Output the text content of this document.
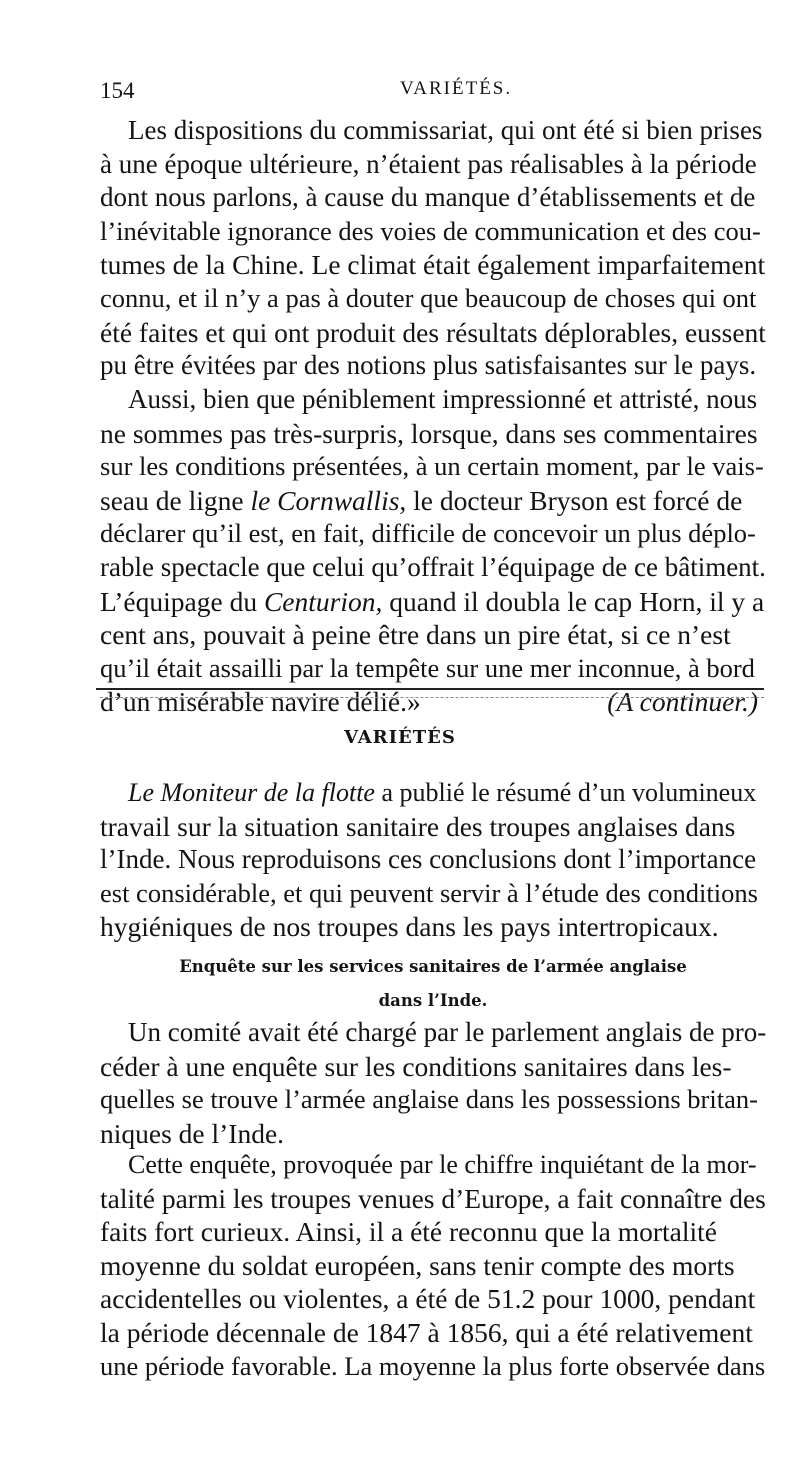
154	VARIÉTÉS.
Les dispositions du commissariat, qui ont été si bien prises
à une époque ultérieure, n’étaient pas réalisables à la période
dont nous parlons, à cause du manque d’établissements et de
l’inévitable ignorance des voies de communication et des cou-
tumes de la Chine. Le climat était également imparfaitement
connu, et il n’y a pas à douter que beaucoup de choses qui ont
été faites et qui ont produit des résultats déplorables, eussent
pu être évitées par des notions plus satisfaisantes sur le pays.
Aussi, bien que péniblement impressionné et attristé, nous
ne sommes pas très-surpris, lorsque, dans ses commentaires
sur les conditions présentées, à un certain moment, par le vais-
seau de ligne le Cornwallis, le docteur Bryson est forcé de
déclarer qu’il est, en fait, difficile de concevoir un plus déplo-
rable spectacle que celui qu’offrait l’équipage de ce bâtiment.
L’équipage du Centurion, quand il doubla le cap Horn, il y a
cent ans, pouvait à peine être dans un pire état, si ce n’est
qu’il était assailli par la tempête sur une mer inconnue, à bord
d’un misérable navire délié.»	(A continuer.)
VARIÉTÉS
Le Moniteur de la flotte a publié le résumé d’un volumineux
travail sur la situation sanitaire des troupes anglaises dans
l’Inde. Nous reproduisons ces conclusions dont l’importance
est considérable, et qui peuvent servir à l’étude des conditions
hygiéniques de nos troupes dans les pays intertropicaux.
Enquête sur les services sanitaires de l’armée anglaise
dans l’Inde.
Un comité avait été chargé par le parlement anglais de pro-
céder à une enquête sur les conditions sanitaires dans les-
quelles se trouve l’armée anglaise dans les possessions britan-
niques de l’Inde.
Cette enquête, provoquée par le chiffre inquiétant de la mor-
talité parmi les troupes venues d’Europe, a fait connaître des
faits fort curieux. Ainsi, il a été reconnu que la mortalité
moyenne du soldat européen, sans tenir compte des morts
accidentelles ou violentes, a été de 51.2 pour 1000, pendant
la période décennale de 1847 à 1856, qui a été relativement
une période favorable. La moyenne la plus forte observée dans
